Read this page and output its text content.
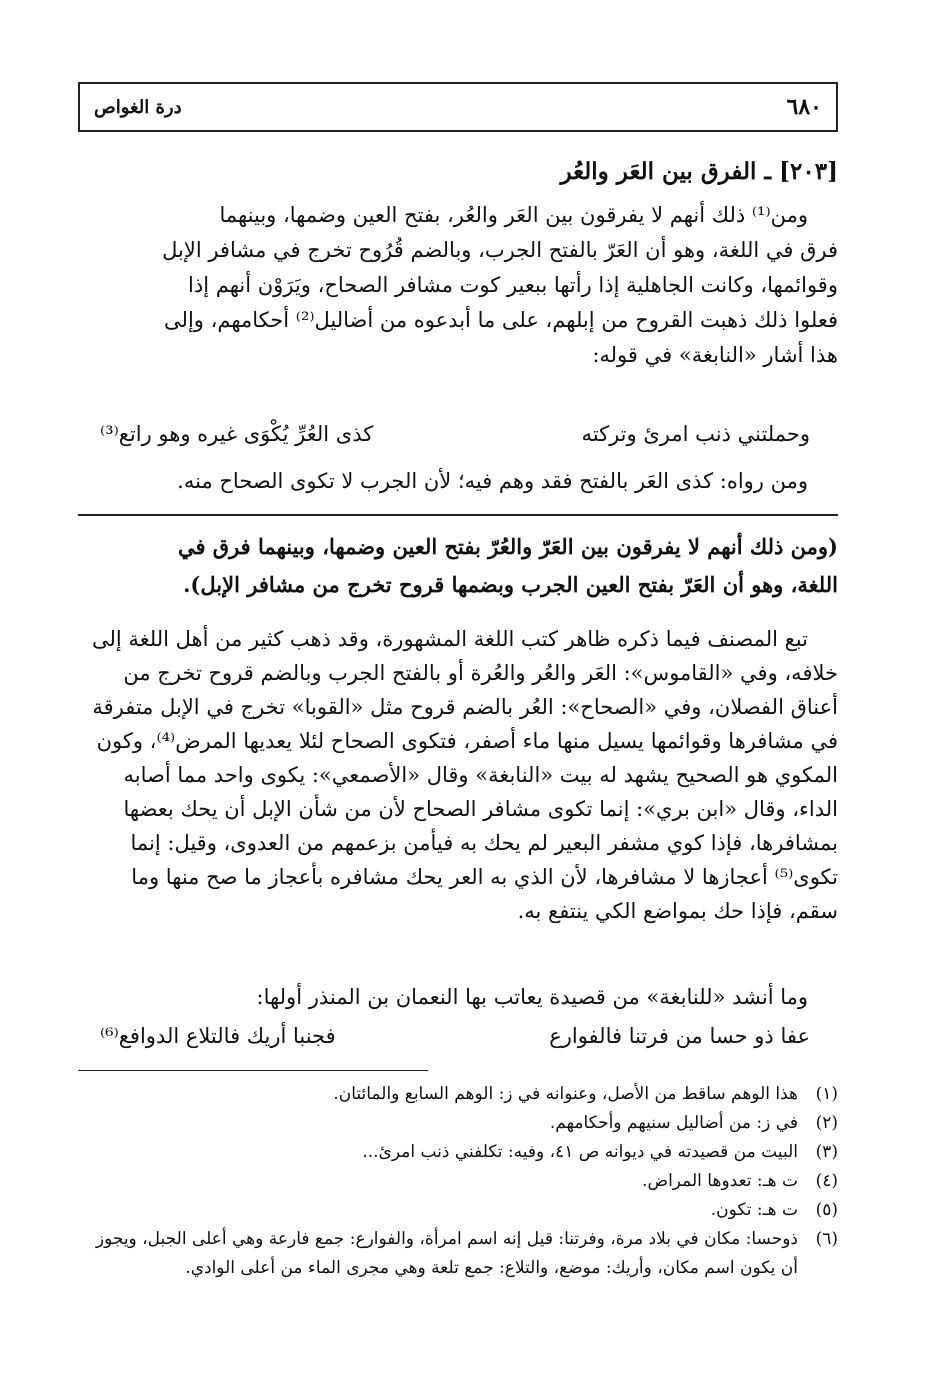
٦٨٠
درة الغواص
[٢٠٣] ـ الفرق بين العَر والعُر
ومن⁽¹⁾ ذلك أنهم لا يفرقون بين العَر والعُر، بفتح العين وضمها، وبينهما
فرق في اللغة، وهو أن العَرّ بالفتح الجرب، وبالضم قُرُوح تخرج في مشافر الإبل
وقوائمها، وكانت الجاهلية إذا رأتها ببعير كوت مشافر الصحاح، ويَرَوْن أنهم إذا
فعلوا ذلك ذهبت القروح من إبلهم، على ما أبدعوه من أضاليل⁽²⁾ أحكامهم، وإلى
هذا أشار «النابغة» في قوله:
وحملتني ذنب امرئ وتركته
كذى العُرِّ يُكْوَى غيره وهو راتع⁽³⁾
ومن رواه: كذى العَر بالفتح فقد وهم فيه؛ لأن الجرب لا تكوى الصحاح منه.
(ومن ذلك أنهم لا يفرقون بين العَرّ والعُرّ بفتح العين وضمها، وبينهما فرق في
اللغة، وهو أن العَرّ بفتح العين الجرب وبضمها قروح تخرج من مشافر الإبل).
تبع المصنف فيما ذكره ظاهر كتب اللغة المشهورة، وقد ذهب كثير من أهل اللغة إلى
خلافه، وفي «القاموس»: العَر والعُر والعُرة أو بالفتح الجرب وبالضم قروح تخرج من
أعناق الفصلان، وفي «الصحاح»: العُر بالضم قروح مثل «القوبا» تخرج في الإبل متفرقة
في مشافرها وقوائمها يسيل منها ماء أصفر، فتكوى الصحاح لئلا يعديها المرض⁽⁴⁾، وكون
المكوي هو الصحيح يشهد له بيت «النابغة» وقال «الأصمعي»: يكوى واحد مما أصابه
الداء، وقال «ابن بري»: إنما تكوى مشافر الصحاح لأن من شأن الإبل أن يحك بعضها
بمشافرها، فإذا كوي مشفر البعير لم يحك به فيأمن بزعمهم من العدوى، وقيل: إنما
تكوى⁽⁵⁾ أعجازها لا مشافرها، لأن الذي به العر يحك مشافره بأعجاز ما صح منها وما
سقم، فإذا حك بمواضع الكي ينتفع به.
وما أنشد «للنابغة» من قصيدة يعاتب بها النعمان بن المنذر أولها:
عفا ذو حسا من فرتنا فالفوارع
فجنبا أريك فالتلاع الدوافع⁽⁶⁾
(١)
هذا الوهم ساقط من الأصل، وعنوانه في ز: الوهم السابع والمائتان.
(٢)
في ز: من أضاليل سنيهم وأحكامهم.
(٣)
البيت من قصيدته في ديوانه ص ٤١، وفيه: تكلفني ذنب امرئ...
(٤)
ت هـ: تعدوها المراض.
(٥)
ت هـ: تكون.
(٦)
ذوحسا: مكان في بلاد مرة، وفرتنا: قيل إنه اسم امرأة، والفوارع: جمع فارعة وهي أعلى الجبل، ويجوز أن يكون اسم مكان، وأريك: موضع، والتلاع: جمع تلعة وهي مجرى الماء من أعلى الوادي.
